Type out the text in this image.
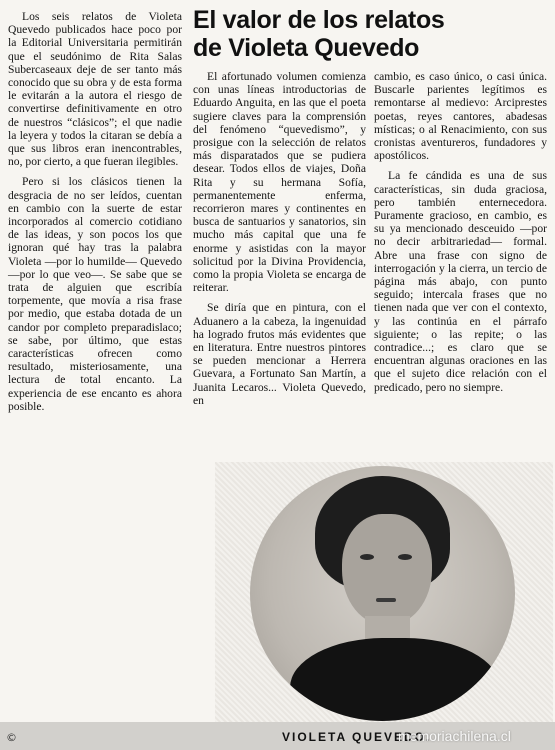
Los seis relatos de Violeta Quevedo publicados hace poco por la Editorial Universitaria permitirán que el seudónimo de Rita Salas Subercaseaux deje de ser tanto más conocido que su obra y de esta forma le evitarán a la autora el riesgo de convertirse definitivamente en otro de nuestros “clásicos”; el que nadie la leyera y todos la citaran se debía a que sus libros eran inencontrables, no, por cierto, a que fueran ilegibles.

Pero si los clásicos tienen la desgracia de no ser leídos, cuentan en cambio con la suerte de estar incorporados al comercio cotidiano de las ideas, y son pocos los que ignoran qué hay tras la palabra Violeta —por lo humilde— Quevedo —por lo que veo—. Se sabe que se trata de alguien que escribía torpemente, que movía a risa frase por medio, que estaba dotada de un candor por completo preparadislaco; se sabe, por último, que estas características ofrecen como resultado, misteriosamente, una lectura de total encanto. La experiencia de ese encanto es ahora posible.

El valor de los relatos
de Violeta Quevedo

El afortunado volumen comienza con unas líneas introductorias de Eduardo Anguita, en las que el poeta sugiere claves para la comprensión del fenómeno “quevedismo”, y prosigue con la selección de relatos más disparatados que se pudiera desear. Todos ellos de viajes, Doña Rita y su hermana Sofía, permanentemente enferma, recorrieron mares y continentes en busca de santuarios y sanatorios, sin mucho más capital que una fe enorme y asistidas con la mayor solicitud por la Divina Providencia, como la propia Violeta se encarga de reiterar.

Se diría que en pintura, con el Aduanero a la cabeza, la ingenuidad ha logrado frutos más evidentes que en literatura. Entre nuestros pintores se pueden mencionar a Herrera Guevara, a Fortunato San Martín, a Juanita Lecaros... Violeta Quevedo, en

cambio, es caso único, o casi única. Buscarle parientes legítimos es remontarse al medievo: Arciprestes poetas, reyes cantores, abadesas místicas; o al Renacimiento, con sus cronistas aventureros, fundadores y apostólicos.

La fe cándida es una de sus características, sin duda graciosa, pero también enternecedora. Puramente gracioso, en cambio, es su ya mencionado desceuido —por no decir arbitrariedad— formal. Abre una frase con signo de interrogación y la cierra, un tercio de página más abajo, con punto seguido; intercala frases que no tienen nada que ver con el contexto, y las continúa en el párrafo siguiente; o las repite; o las contradice...; es claro que se encuentran algunas oraciones en las que el sujeto dice relación con el predicado, pero no siempre.

©	VIOLETA QUEVEDO.
memoriachilena.cl
